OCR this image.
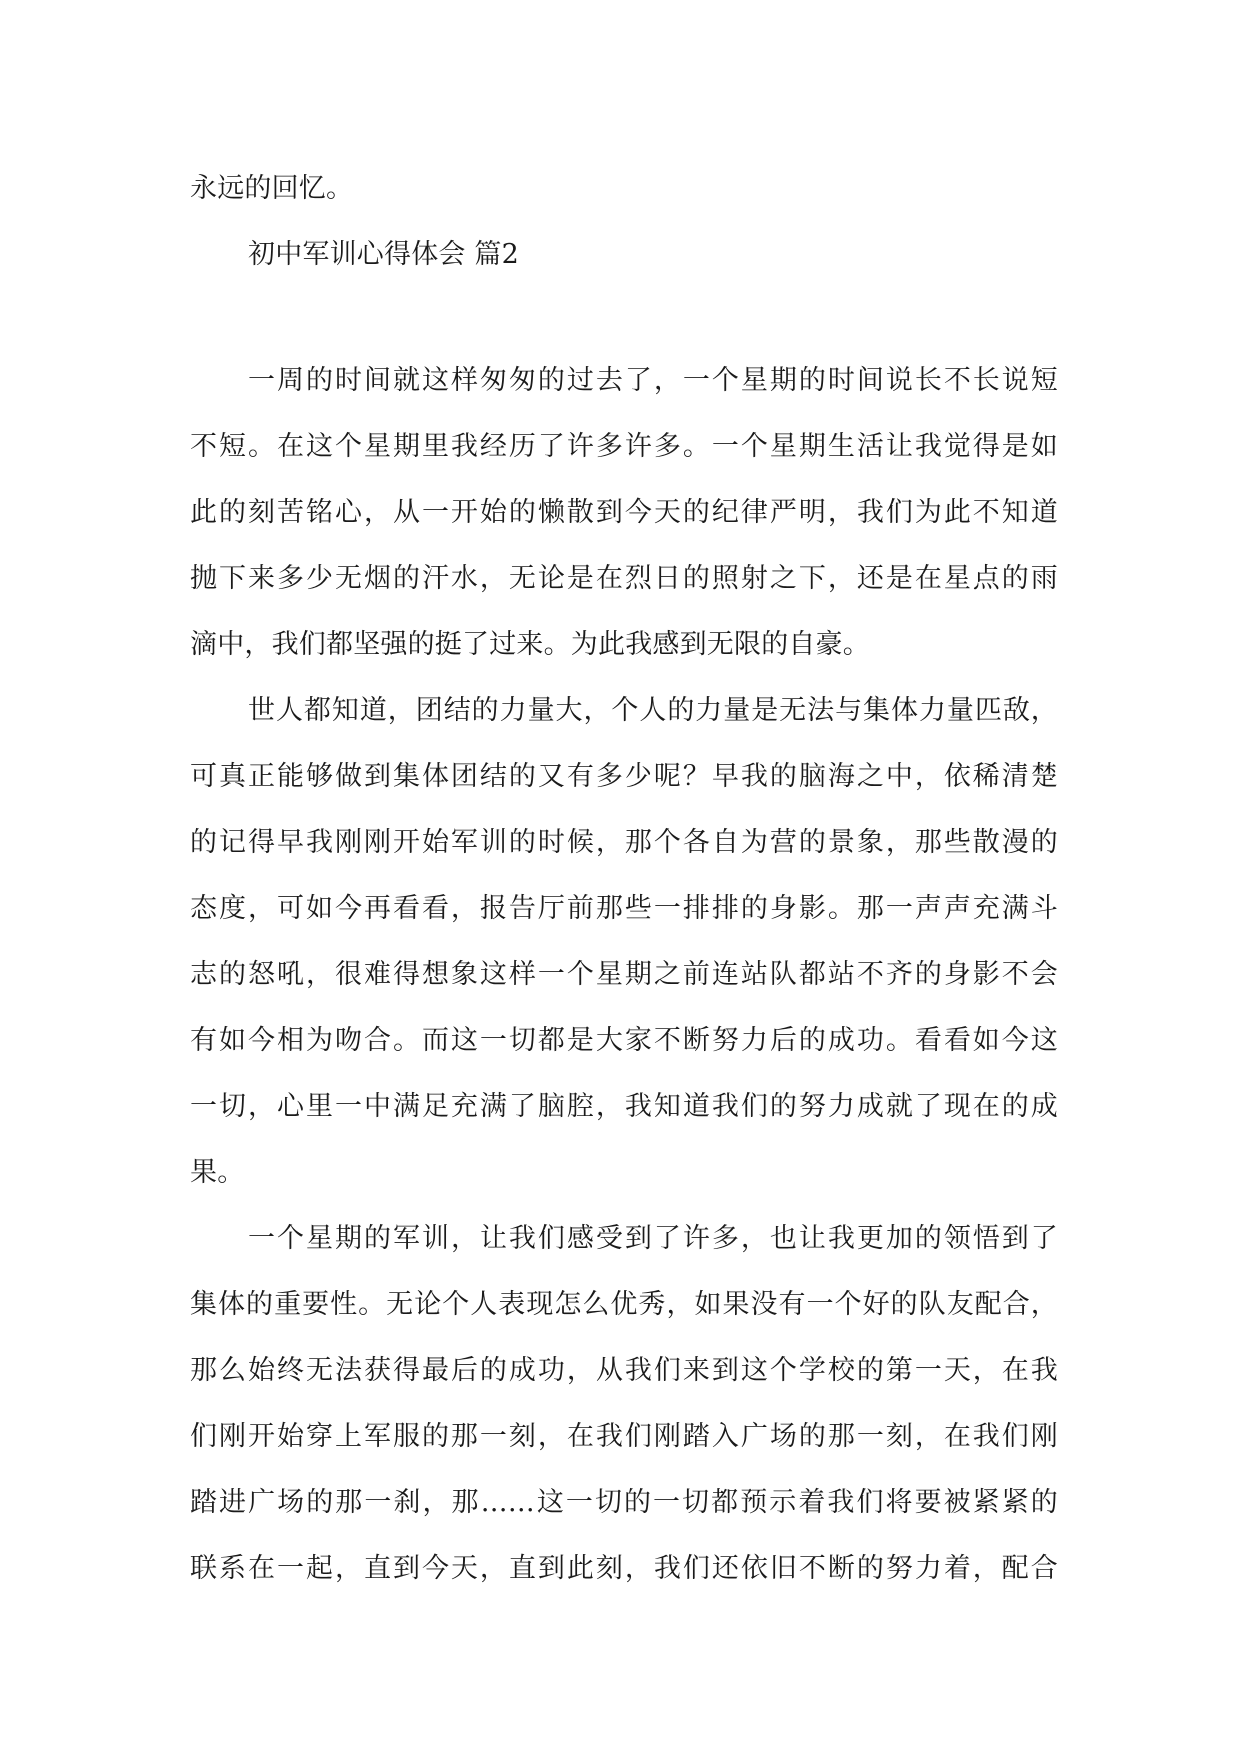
永远的回忆。
初中军训心得体会 篇2
一周的时间就这样匆匆的过去了，一个星期的时间说长不长说短
不短。在这个星期里我经历了许多许多。一个星期生活让我觉得是如
此的刻苦铭心，从一开始的懒散到今天的纪律严明，我们为此不知道
抛下来多少无烟的汗水，无论是在烈日的照射之下，还是在星点的雨
滴中，我们都坚强的挺了过来。为此我感到无限的自豪。
世人都知道，团结的力量大，个人的力量是无法与集体力量匹敌，
可真正能够做到集体团结的又有多少呢？早我的脑海之中，依稀清楚
的记得早我刚刚开始军训的时候，那个各自为营的景象，那些散漫的
态度，可如今再看看，报告厅前那些一排排的身影。那一声声充满斗
志的怒吼，很难得想象这样一个星期之前连站队都站不齐的身影不会
有如今相为吻合。而这一切都是大家不断努力后的成功。看看如今这
一切，心里一中满足充满了脑腔，我知道我们的努力成就了现在的成
果。
一个星期的军训，让我们感受到了许多，也让我更加的领悟到了
集体的重要性。无论个人表现怎么优秀，如果没有一个好的队友配合，
那么始终无法获得最后的成功，从我们来到这个学校的第一天，在我
们刚开始穿上军服的那一刻，在我们刚踏入广场的那一刻，在我们刚
踏进广场的那一刹，那……这一切的一切都预示着我们将要被紧紧的
联系在一起，直到今天，直到此刻，我们还依旧不断的努力着，配合
